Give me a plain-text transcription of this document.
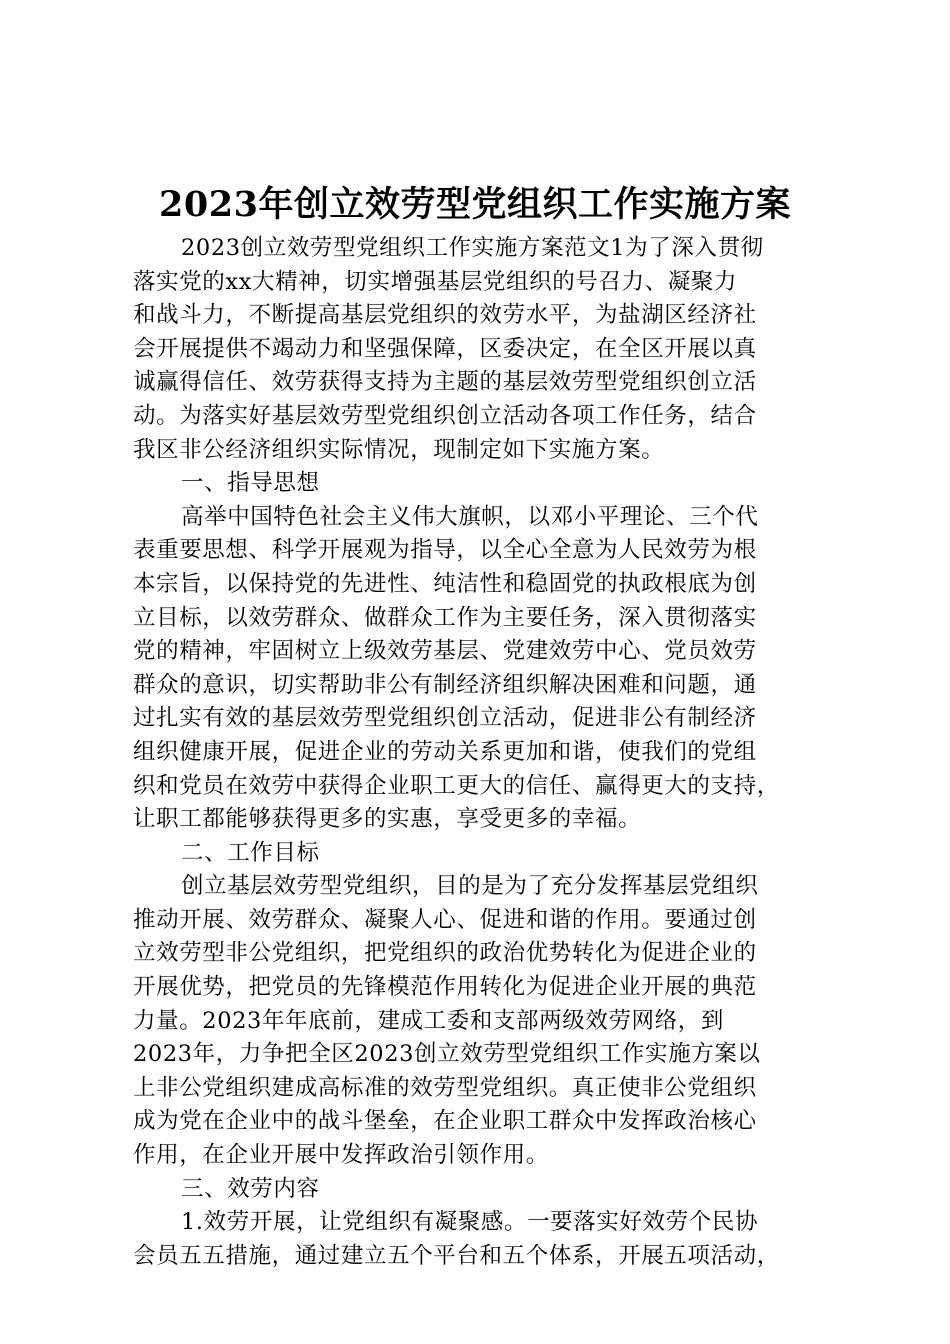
2023年创立效劳型党组织工作实施方案
2023创立效劳型党组织工作实施方案范文1为了深入贯彻
落实党的xx大精神，切实增强基层党组织的号召力、凝聚力
和战斗力，不断提高基层党组织的效劳水平，为盐湖区经济社
会开展提供不竭动力和坚强保障，区委决定，在全区开展以真
诚赢得信任、效劳获得支持为主题的基层效劳型党组织创立活
动。为落实好基层效劳型党组织创立活动各项工作任务，结合
我区非公经济组织实际情况，现制定如下实施方案。
一、指导思想
高举中国特色社会主义伟大旗帜，以邓小平理论、三个代
表重要思想、科学开展观为指导，以全心全意为人民效劳为根
本宗旨，以保持党的先进性、纯洁性和稳固党的执政根底为创
立目标，以效劳群众、做群众工作为主要任务，深入贯彻落实
党的精神，牢固树立上级效劳基层、党建效劳中心、党员效劳
群众的意识，切实帮助非公有制经济组织解决困难和问题，通
过扎实有效的基层效劳型党组织创立活动，促进非公有制经济
组织健康开展，促进企业的劳动关系更加和谐，使我们的党组
织和党员在效劳中获得企业职工更大的信任、赢得更大的支持，
让职工都能够获得更多的实惠，享受更多的幸福。
二、工作目标
创立基层效劳型党组织，目的是为了充分发挥基层党组织
推动开展、效劳群众、凝聚人心、促进和谐的作用。要通过创
立效劳型非公党组织，把党组织的政治优势转化为促进企业的
开展优势，把党员的先锋模范作用转化为促进企业开展的典范
力量。2023年年底前，建成工委和支部两级效劳网络，到
2023年，力争把全区2023创立效劳型党组织工作实施方案以
上非公党组织建成高标准的效劳型党组织。真正使非公党组织
成为党在企业中的战斗堡垒，在企业职工群众中发挥政治核心
作用，在企业开展中发挥政治引领作用。
三、效劳内容
1.效劳开展，让党组织有凝聚感。一要落实好效劳个民协
会员五五措施，通过建立五个平台和五个体系，开展五项活动，
